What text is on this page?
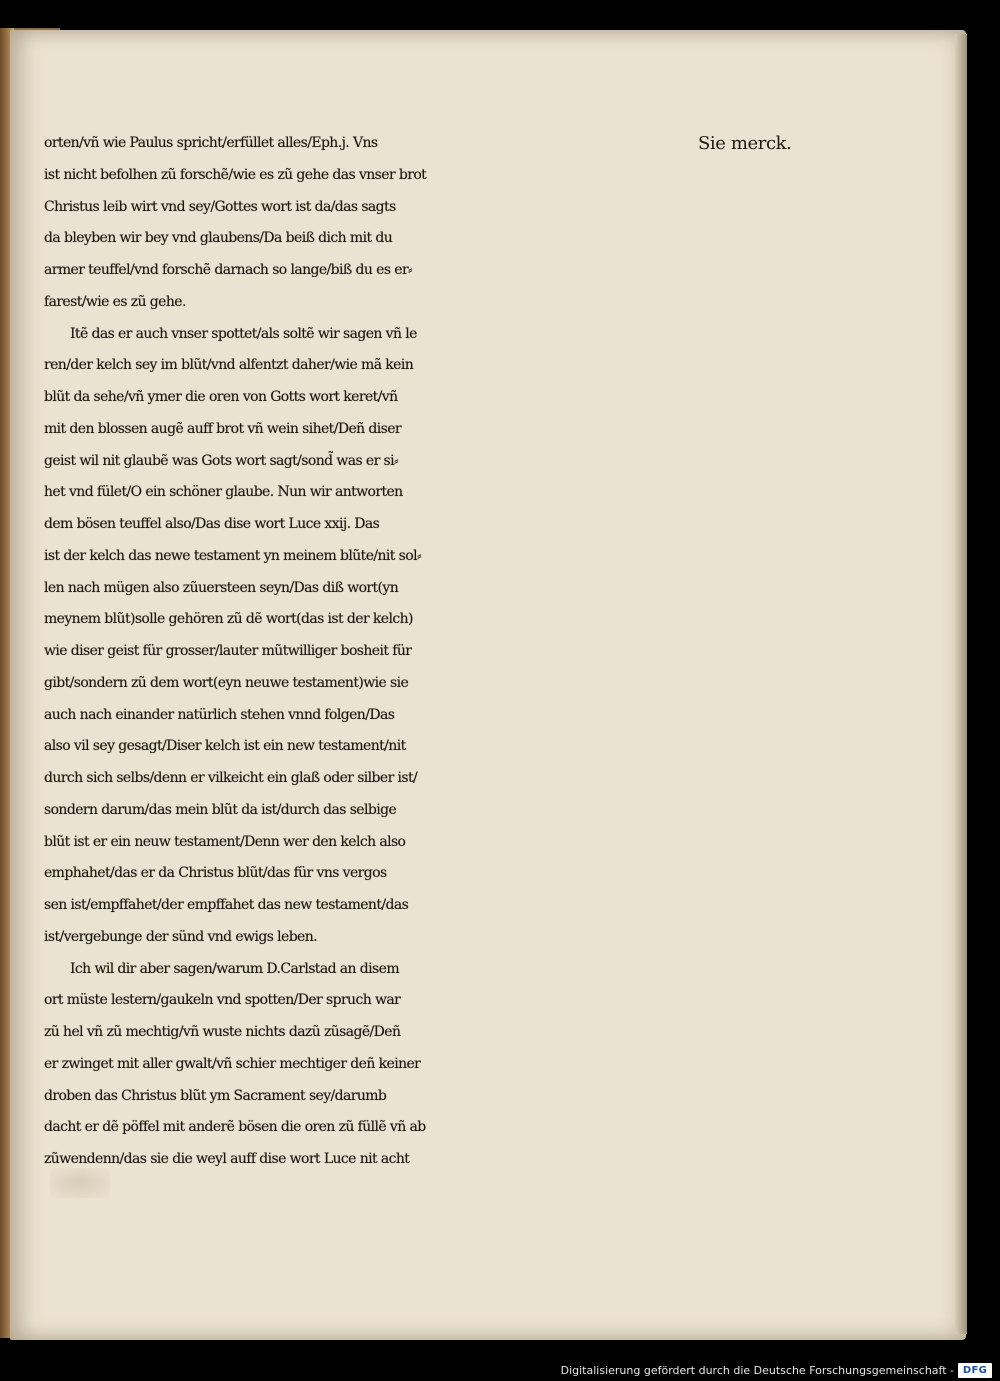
orten/vñ wie Paulus spricht/erfüllet alles/Eph.j. Vns
ist nicht befolhen zũ forschẽ/wie es zũ gehe das vnser brot
Christus leib wirt vnd sey/Gottes wort ist da/das sagts
da bleyben wir bey vnd glaubens/Da beiß dich mit du
armer teuffel/vnd forschẽ darnach so lange/biß du es er⸗
farest/wie es zũ gehe.
Itẽ das er auch vnser spottet/als soltẽ wir sagen vñ le
ren/der kelch sey im blũt/vnd alfentzt daher/wie mã kein
blũt da sehe/vñ ymer die oren von Gotts wort keret/vñ
mit den blossen augẽ auff brot vñ wein sihet/Deñ diser
geist wil nit glaubẽ was Gots wort sagt/sond̃ was er si⸗
het vnd fület/O ein schöner glaube. Nun wir antworten
dem bösen teuffel also/Das dise wort Luce xxij. Das
ist der kelch das newe testament yn meinem blũte/nit sol⸗
len nach mügen also zũuersteen seyn/Das diß wort(yn
meynem blũt)solle gehören zũ dẽ wort(das ist der kelch)
wie diser geist für grosser/lauter mũtwilliger bosheit für
gibt/sondern zũ dem wort(eyn neuwe testament)wie sie
auch nach einander natürlich stehen vnnd folgen/Das
also vil sey gesagt/Diser kelch ist ein new testament/nit
durch sich selbs/denn er vilkeicht ein glaß oder silber ist/
sondern darum/das mein blũt da ist/durch das selbige
blũt ist er ein neuw testament/Denn wer den kelch also
emphahet/das er da Christus blũt/das für vns vergos
sen ist/empffahet/der empffahet das new testament/das
ist/vergebunge der sünd vnd ewigs leben.
Ich wil dir aber sagen/warum D.Carlstad an disem
ort müste lestern/gaukeln vnd spotten/Der spruch war
zũ hel vñ zũ mechtig/vñ wuste nichts dazũ zũsagẽ/Deñ
er zwinget mit aller gwalt/vñ schier mechtiger deñ keiner
droben das Christus blũt ym Sacrament sey/darumb
dacht er dẽ pöffel mit anderẽ bösen die oren zũ füllẽ vñ ab
zũwendenn/das sie die weyl auff dise wort Luce nit acht
Sie merck.
Digitalisierung gefördert durch die Deutsche Forschungsgemeinschaft - DFG
